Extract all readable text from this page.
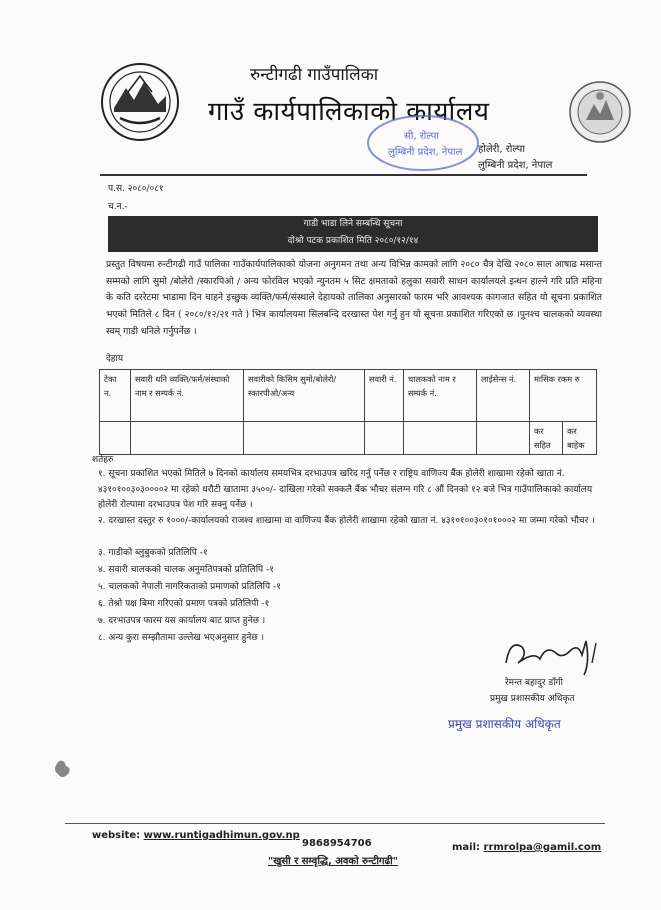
रुन्टीगढी गाउँपालिका
गाउँ कार्यपालिकाको कार्यालय
सी, रोल्पा
लुम्बिनी प्रदेश, नेपाल होलेरी, रोल्पा
लुम्बिनी प्रदेश, नेपाल
प.स. २०८०/०८१
च.न.-
गाडी भाडा लिने सम्बन्धि सूचना
दोश्रो पटक प्रकाशित मिति २०८०/१२/१४
प्रस्तुत विषयमा रुन्टीगढी गाउँ पालिका गाउँकार्यपालिकाको योजना अनुगमन तथा अन्य विभिन्न कामको लागि २०८० चैत्र देखि २०८० साल आषाढ मसान्त सम्मको लागि सुमो /बोलेरो /स्कारपिओ / अन्य फोरविल भएको न्युनतम ५ सिट क्षमताको हलुका सवारी साधन कार्यालयले इन्धन हाल्ने गरि प्रति महिना के कति दररेटमा भाडामा दिन चाहने इच्छुक व्यक्ति/फर्म/संस्थाले देहायको तालिका अनुसारको फारम भरि आवश्यक कागजात सहित यो सूचना प्रकाशित भएको मितिले ८ दिन ( २०८०/१२/२१ गते ) भित्र कार्यालयमा सिलबन्दि दरखास्त पेश गर्नु हुन यो सूचना प्रकाशित गरिएको छ ।पुनश्च चालकको व्यवस्था स्वम् गाडी धनिले गर्नुपर्नेछ ।
देहाय
टेका न.	सवारी धनि व्यक्ति/फर्म/संस्थाको नाम र सम्पर्क नं.	सवारीको किसिम सुमो/बोलेरो/स्कारपीओ/अन्य	सवारी नं.	चालकको नाम र सम्पर्क नं.	लाईसेन्स नं.	मासिक रकम रु	
						कर सहित	कर बाहेक
शर्तहरु
१. सूचना प्रकाशित भएको मितिले ७ दिनको कार्यालय समयभित्र दरभाउपत्र खरिद गर्नु पर्नेछ र राष्ट्रिय वाणिज्य बैंक होलेरी शाखामा रहेको खाता नं. ४३१०१००३०३००००२ मा रहेको धरौटी खातामा ३५००/- दाखिला गरेको सक्कलै बैंक भौचर संलग्न गरि ८ औं दिनको १२ बजे भित्र गाउँपालिकाको कार्यालय होलेरी रोल्पामा दरभाउपत्र पेश गरि सक्नु पर्नेछ ।
२. दरखास्त दस्तुर रु १०००/-कार्यालयको राजश्व शाखामा वा वाणिज्य बैंक होलेरी शाखामा रहेको खाता नं. ४३१०१००३०१०१०००२ मा जम्मा गरेको भौचर ।
३. गाडीको ब्लुबुकको प्रतिलिपि -१
४. सवारी चालकको चालक अनुमतिपत्रको प्रतिलिपि -१
५. चालकको नेपाली नागरिकताको प्रमाणको प्रतिलिपि -१
६. तेश्रो पक्ष बिमा गरिएको प्रमाण पत्रको प्रतिलिपी -१
७. दरभाउपत्र फारम यस कार्यालय बाट प्राप्त हुनेछ ।
८. अन्य कुरा सम्झौतामा उल्लेख भएअनुसार हुनेछ ।
रेमन्त बहादुर डाँगी
प्रमुख प्रशासकीय अधिकृत
प्रमुख प्रशासकीय अधिकृत
website: www.runtigadhimun.gov.np
9868954706	mail: rrmrolpa@gamil.com
"खुसी र सम्वृद्धि, अवको रुन्टीगढी"
